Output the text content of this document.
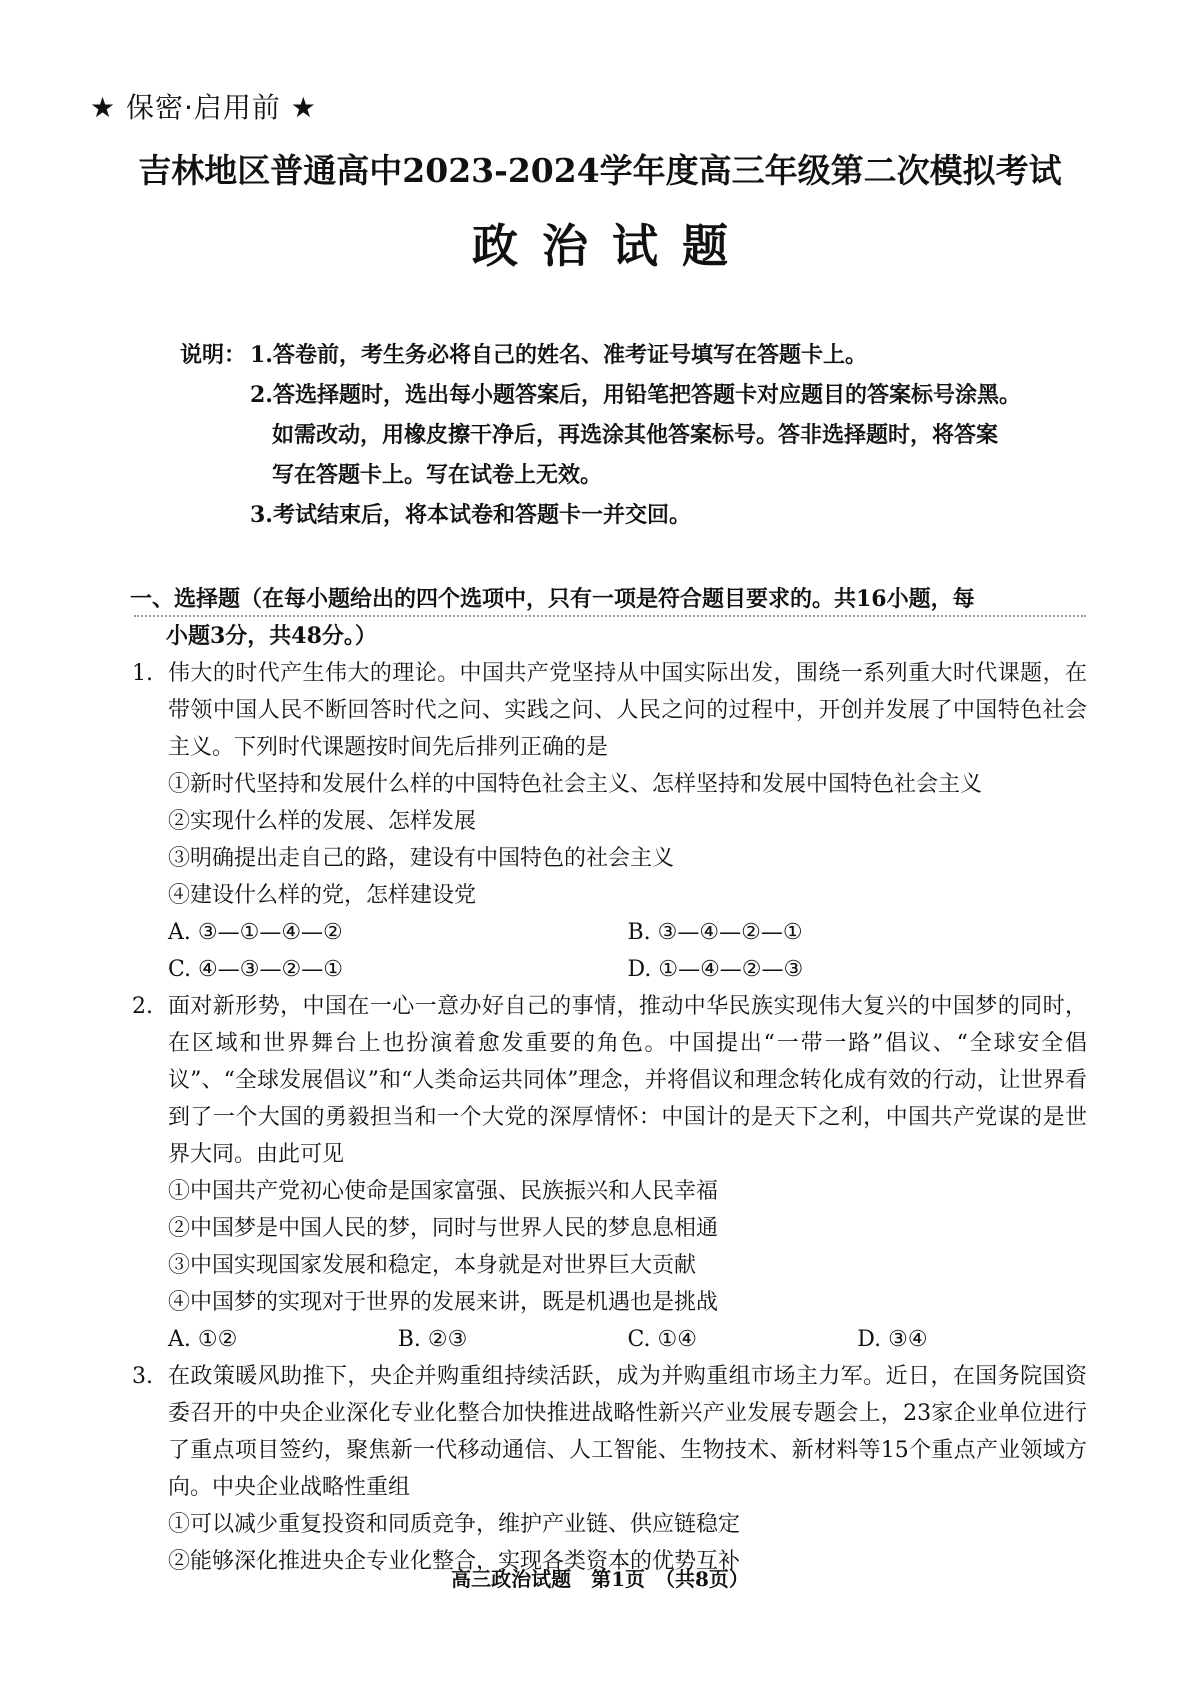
★ 保密·启用前 ★
吉林地区普通高中2023-2024学年度高三年级第二次模拟考试
政治试题
说明： 1.答卷前，考生务必将自己的姓名、准考证号填写在答题卡上。
2.答选择题时，选出每小题答案后，用铅笔把答题卡对应题目的答案标号涂黑。
如需改动，用橡皮擦干净后，再选涂其他答案标号。答非选择题时，将答案
写在答题卡上。写在试卷上无效。
3.考试结束后，将本试卷和答题卡一并交回。
一、选择题（在每小题给出的四个选项中，只有一项是符合题目要求的。共16小题，每
小题3分，共48分。）
1. 伟大的时代产生伟大的理论。中国共产党坚持从中国实际出发，围绕一系列重大时代课题，在带领中国人民不断回答时代之问、实践之问、人民之问的过程中，开创并发展了中国特色社会主义。下列时代课题按时间先后排列正确的是
①新时代坚持和发展什么样的中国特色社会主义、怎样坚持和发展中国特色社会主义
②实现什么样的发展、怎样发展
③明确提出走自己的路，建设有中国特色的社会主义
④建设什么样的党，怎样建设党
A. ③—①—④—②	B. ③—④—②—①
C. ④—③—②—①	D. ①—④—②—③
2. 面对新形势，中国在一心一意办好自己的事情，推动中华民族实现伟大复兴的中国梦的同时，在区域和世界舞台上也扮演着愈发重要的角色。中国提出“一带一路”倡议、“全球安全倡议”、“全球发展倡议”和“人类命运共同体”理念，并将倡议和理念转化成有效的行动，让世界看到了一个大国的勇毅担当和一个大党的深厚情怀：中国计的是天下之利，中国共产党谋的是世界大同。由此可见
①中国共产党初心使命是国家富强、民族振兴和人民幸福
②中国梦是中国人民的梦，同时与世界人民的梦息息相通
③中国实现国家发展和稳定，本身就是对世界巨大贡献
④中国梦的实现对于世界的发展来讲，既是机遇也是挑战
A. ①②	B. ②③	C. ①④	D. ③④
3. 在政策暖风助推下，央企并购重组持续活跃，成为并购重组市场主力军。近日，在国务院国资委召开的中央企业深化专业化整合加快推进战略性新兴产业发展专题会上，23家企业单位进行了重点项目签约，聚焦新一代移动通信、人工智能、生物技术、新材料等15个重点产业领域方向。中央企业战略性重组
①可以减少重复投资和同质竞争，维护产业链、供应链稳定
②能够深化推进央企专业化整合，实现各类资本的优势互补
高三政治试题　第1页　（共8页）
